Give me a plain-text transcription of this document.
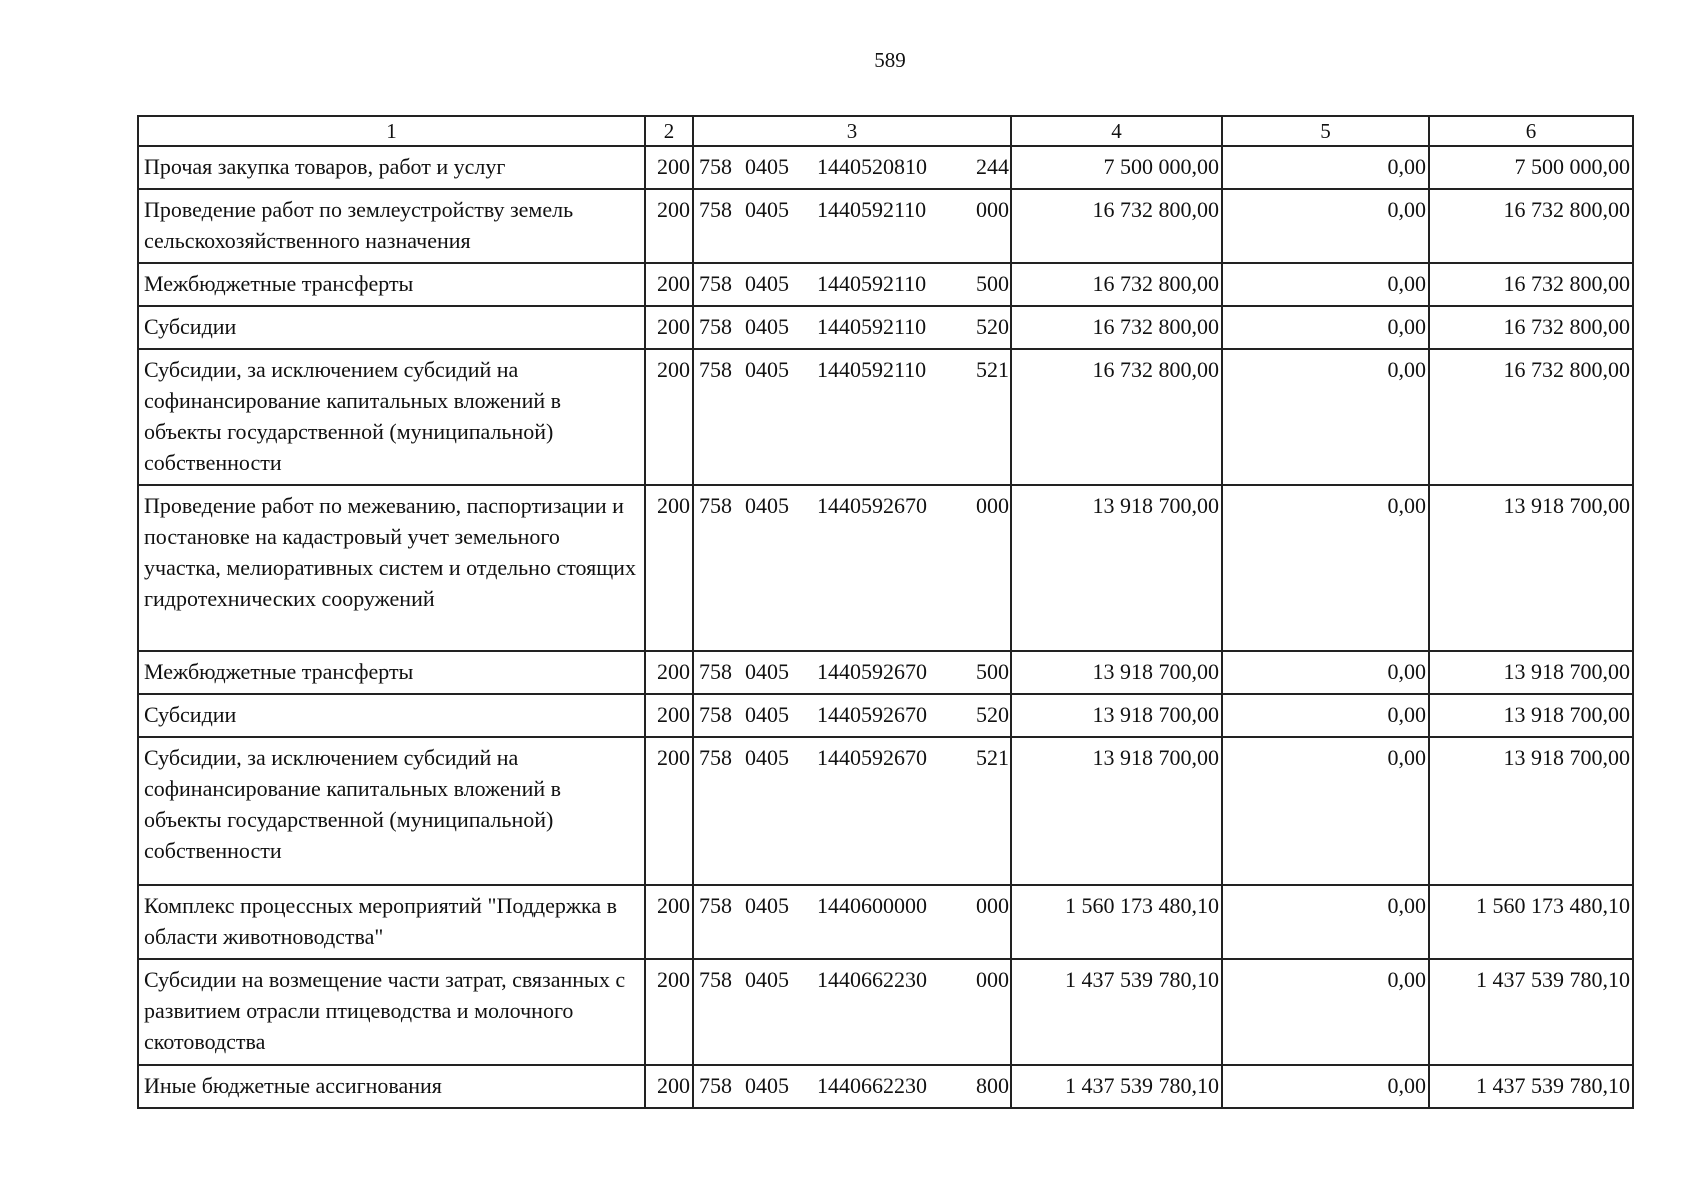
589
1	2	3	4	5	6
Прочая закупка товаров, работ и услуг	200	758 0405 1440520810 244	7 500 000,00	0,00	7 500 000,00
Проведение работ по землеустройству земель сельскохозяйственного назначения	200	758 0405 1440592110 000	16 732 800,00	0,00	16 732 800,00
Межбюджетные трансферты	200	758 0405 1440592110 500	16 732 800,00	0,00	16 732 800,00
Субсидии	200	758 0405 1440592110 520	16 732 800,00	0,00	16 732 800,00
Субсидии, за исключением субсидий на софинансирование капитальных вложений в объекты государственной (муниципальной) собственности	200	758 0405 1440592110 521	16 732 800,00	0,00	16 732 800,00
Проведение работ по межеванию, паспортизации и постановке на кадастровый учет земельного участка, мелиоративных систем и отдельно стоящих гидротехнических сооружений	200	758 0405 1440592670 000	13 918 700,00	0,00	13 918 700,00
Межбюджетные трансферты	200	758 0405 1440592670 500	13 918 700,00	0,00	13 918 700,00
Субсидии	200	758 0405 1440592670 520	13 918 700,00	0,00	13 918 700,00
Субсидии, за исключением субсидий на софинансирование капитальных вложений в объекты государственной (муниципальной) собственности	200	758 0405 1440592670 521	13 918 700,00	0,00	13 918 700,00
Комплекс процессных мероприятий "Поддержка в области животноводства"	200	758 0405 1440600000 000	1 560 173 480,10	0,00	1 560 173 480,10
Субсидии на возмещение части затрат, связанных с развитием отрасли птицеводства и молочного скотоводства	200	758 0405 1440662230 000	1 437 539 780,10	0,00	1 437 539 780,10
Иные бюджетные ассигнования	200	758 0405 1440662230 800	1 437 539 780,10	0,00	1 437 539 780,10
